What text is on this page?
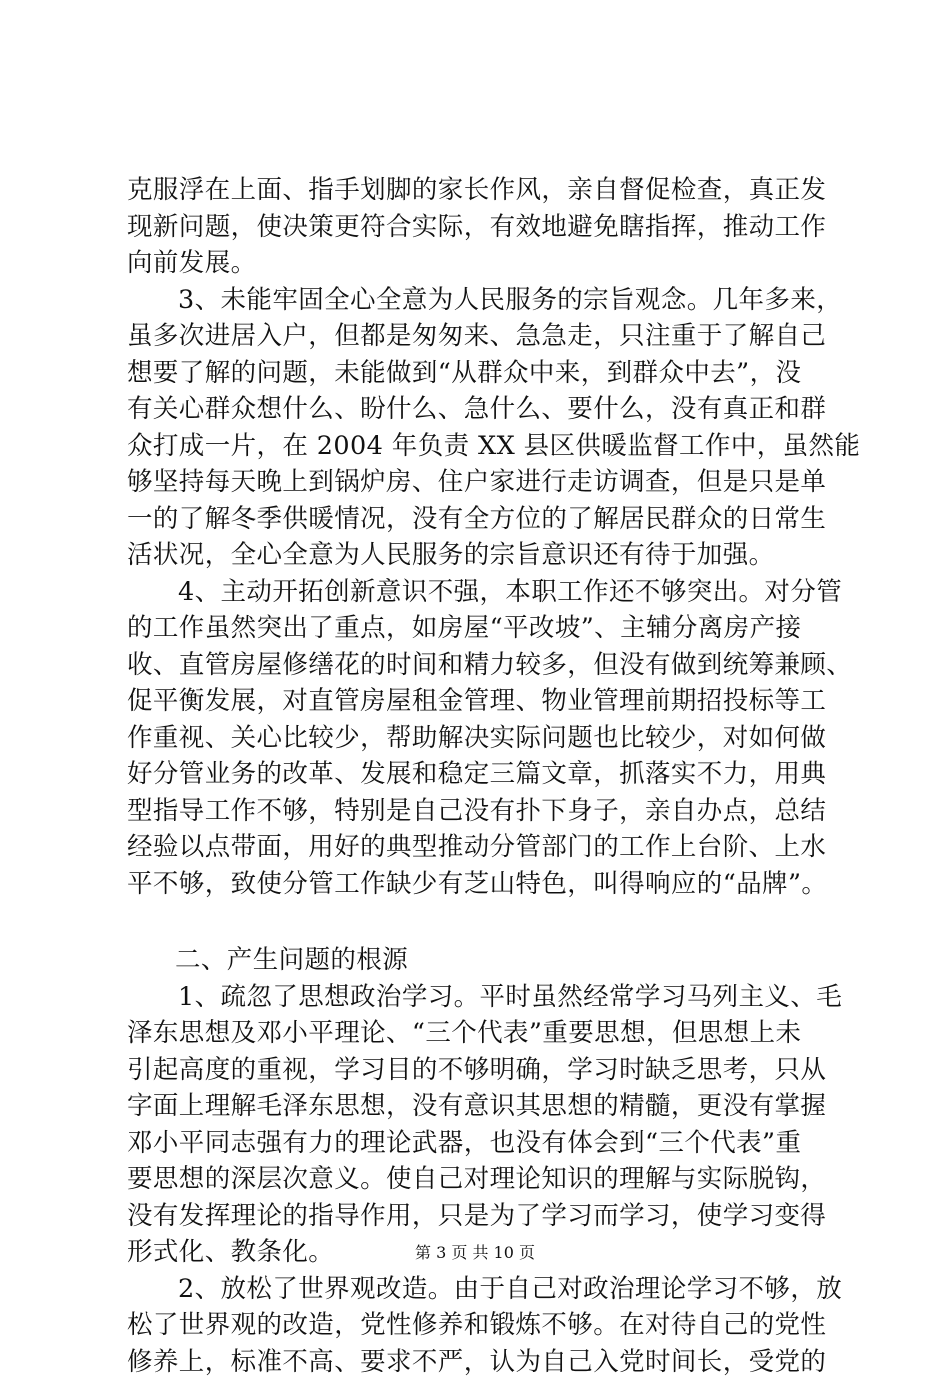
克服浮在上面、指手划脚的家长作风，亲自督促检查，真正发
现新问题，使决策更符合实际，有效地避免瞎指挥，推动工作
向前发展。
3、未能牢固全心全意为人民服务的宗旨观念。几年多来，
虽多次进居入户，但都是匆匆来、急急走，只注重于了解自己
想要了解的问题，未能做到“从群众中来，到群众中去”，没
有关心群众想什么、盼什么、急什么、要什么，没有真正和群
众打成一片，在 2004 年负责 XX 县区供暖监督工作中，虽然能
够坚持每天晚上到锅炉房、住户家进行走访调查，但是只是单
一的了解冬季供暖情况，没有全方位的了解居民群众的日常生
活状况，全心全意为人民服务的宗旨意识还有待于加强。
4、主动开拓创新意识不强，本职工作还不够突出。对分管
的工作虽然突出了重点，如房屋“平改坡”、主辅分离房产接
收、直管房屋修缮花的时间和精力较多，但没有做到统筹兼顾、
促平衡发展，对直管房屋租金管理、物业管理前期招投标等工
作重视、关心比较少，帮助解决实际问题也比较少，对如何做
好分管业务的改革、发展和稳定三篇文章，抓落实不力，用典
型指导工作不够，特别是自己没有扑下身子，亲自办点，总结
经验以点带面，用好的典型推动分管部门的工作上台阶、上水
平不够，致使分管工作缺少有芝山特色，叫得响应的“品牌”。
二、产生问题的根源
1、疏忽了思想政治学习。平时虽然经常学习马列主义、毛
泽东思想及邓小平理论、“三个代表”重要思想，但思想上未
引起高度的重视，学习目的不够明确，学习时缺乏思考，只从
字面上理解毛泽东思想，没有意识其思想的精髓，更没有掌握
邓小平同志强有力的理论武器，也没有体会到“三个代表”重
要思想的深层次意义。使自己对理论知识的理解与实际脱钩，
没有发挥理论的指导作用，只是为了学习而学习，使学习变得
形式化、教条化。
2、放松了世界观改造。由于自己对政治理论学习不够，放
松了世界观的改造，党性修养和锻炼不够。在对待自己的党性
修养上，标准不高、要求不严，认为自己入党时间长，受党的
第 3 页 共 10 页
